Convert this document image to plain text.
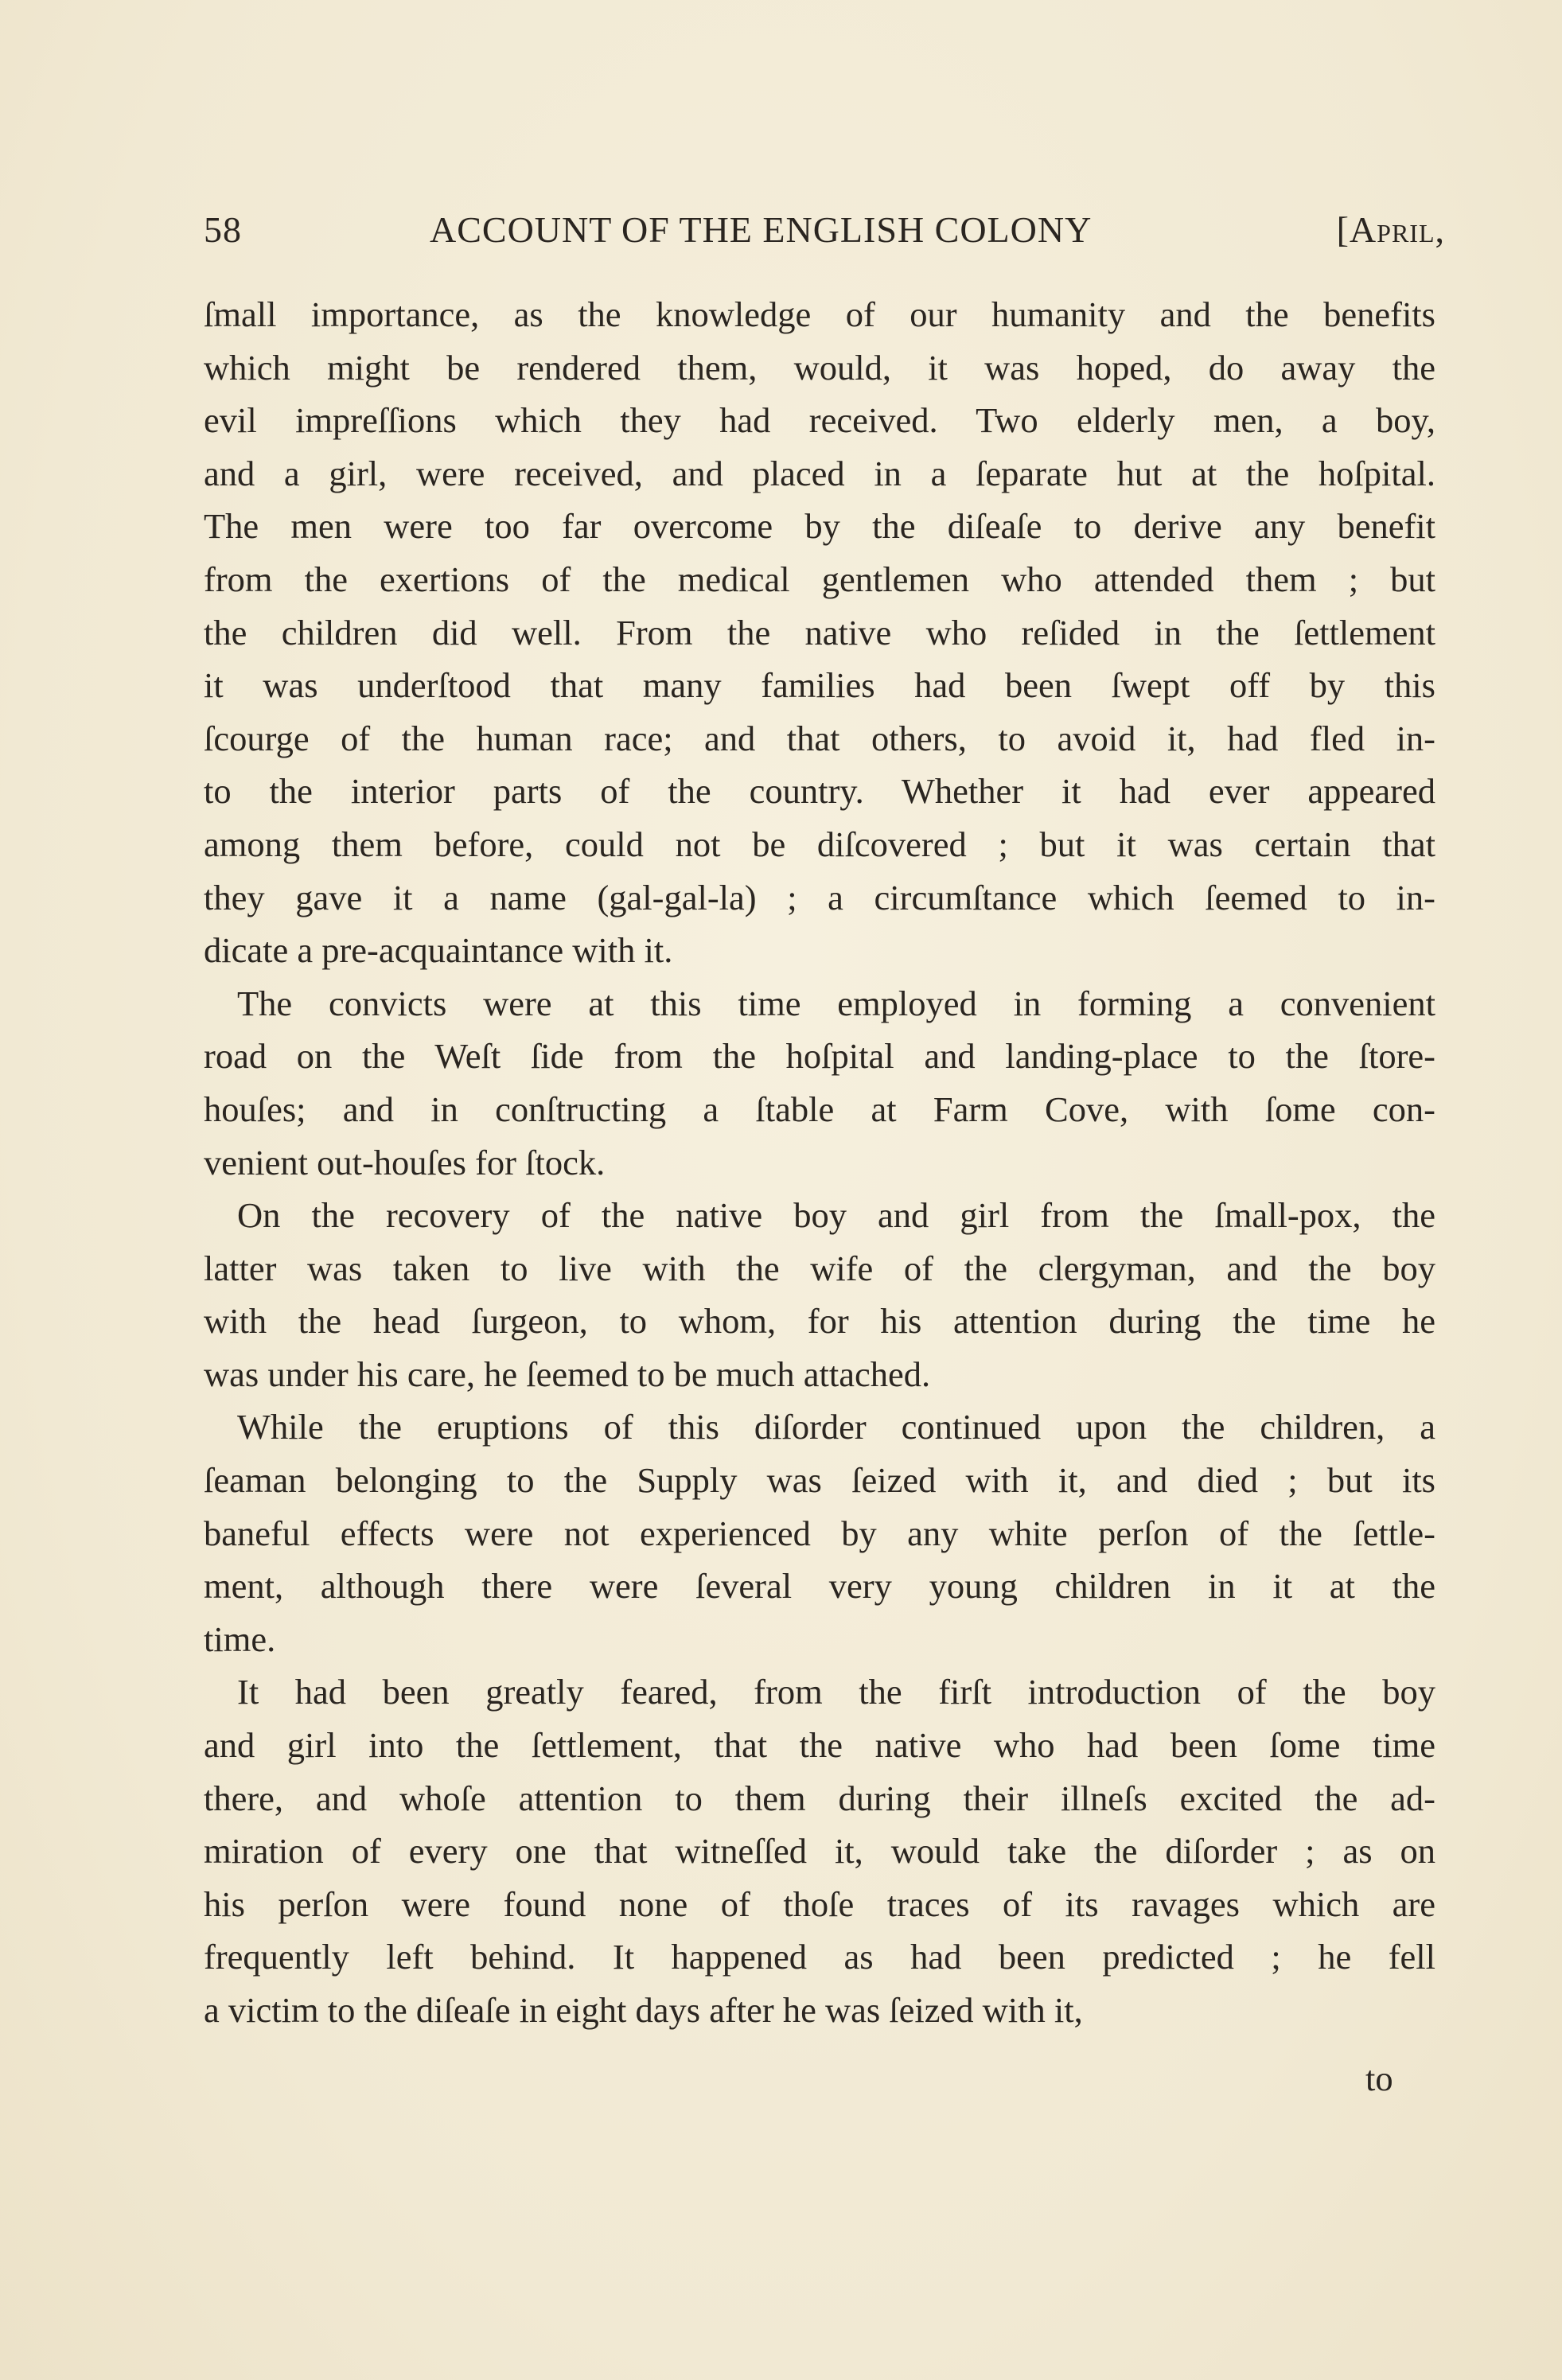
58	ACCOUNT OF THE ENGLISH COLONY	[April,
ſmall importance, as the knowledge of our humanity and the benefits
which might be rendered them, would, it was hoped, do away the
evil impreſſions which they had received. Two elderly men, a boy,
and a girl, were received, and placed in a ſeparate hut at the hoſpital.
The men were too far overcome by the diſeaſe to derive any benefit
from the exertions of the medical gentlemen who attended them ; but
the children did well. From the native who reſided in the ſettlement
it was underſtood that many families had been ſwept off by this
ſcourge of the human race; and that others, to avoid it, had fled in-
to the interior parts of the country. Whether it had ever appeared
among them before, could not be diſcovered ; but it was certain that
they gave it a name (gal-gal-la) ; a circumſtance which ſeemed to in-
dicate a pre-acquaintance with it.
The convicts were at this time employed in forming a convenient
road on the Weſt ſide from the hoſpital and landing-place to the ſtore-
houſes; and in conſtructing a ſtable at Farm Cove, with ſome con-
venient out-houſes for ſtock.
On the recovery of the native boy and girl from the ſmall-pox, the
latter was taken to live with the wife of the clergyman, and the boy
with the head ſurgeon, to whom, for his attention during the time he
was under his care, he ſeemed to be much attached.
While the eruptions of this diſorder continued upon the children, a
ſeaman belonging to the Supply was ſeized with it, and died ; but its
baneful effects were not experienced by any white perſon of the ſettle-
ment, although there were ſeveral very young children in it at the
time.
It had been greatly feared, from the firſt introduction of the boy
and girl into the ſettlement, that the native who had been ſome time
there, and whoſe attention to them during their illneſs excited the ad-
miration of every one that witneſſed it, would take the diſorder ; as on
his perſon were found none of thoſe traces of its ravages which are
frequently left behind. It happened as had been predicted ; he fell
a victim to the diſeaſe in eight days after he was ſeized with it,
to
